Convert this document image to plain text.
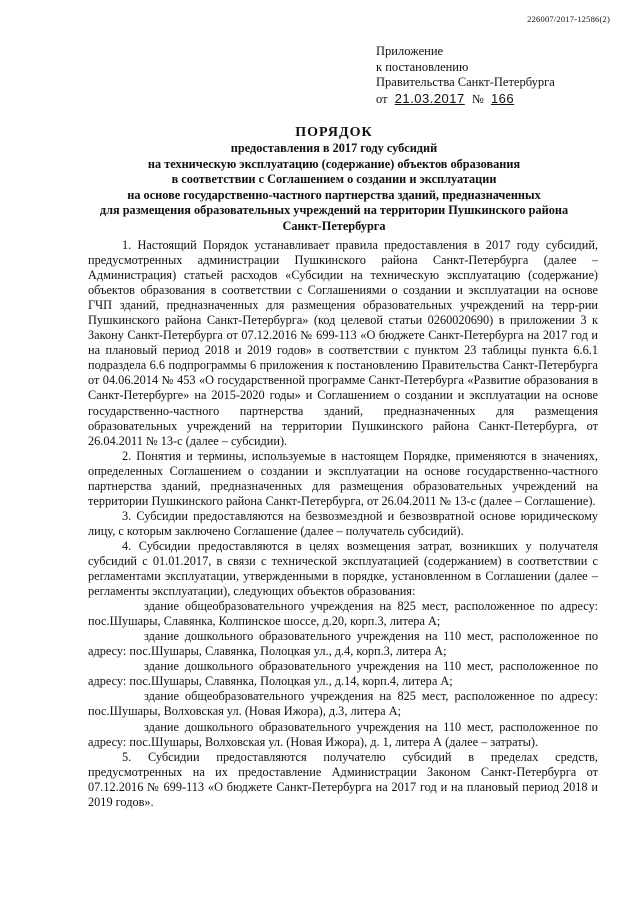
226007/2017-12586(2)
Приложение
к постановлению
Правительства Санкт-Петербурга
от 21.03.2017 № 166
ПОРЯДОК
предоставления в 2017 году субсидий
на техническую эксплуатацию (содержание) объектов образования
в соответствии с Соглашением о создании и эксплуатации
на основе государственно-частного партнерства зданий, предназначенных
для размещения образовательных учреждений на территории Пушкинского района
Санкт-Петербурга

1. Настоящий Порядок устанавливает правила предоставления в 2017 году субсидий, предусмотренных администрации Пушкинского района Санкт-Петербурга (далее – Администрация) статьей расходов «Субсидии на техническую эксплуатацию (содержание) объектов образования в соответствии с Соглашениями о создании и эксплуатации на основе ГЧП зданий, предназначенных для размещения образовательных учреждений на терр-рии Пушкинского района Санкт-Петербурга» (код целевой статьи 0260020690) в приложении 3 к Закону Санкт-Петербурга от 07.12.2016 № 699-113 «О бюджете Санкт-Петербурга на 2017 год и на плановый период 2018 и 2019 годов» в соответствии с пунктом 23 таблицы пункта 6.6.1 подраздела 6.6 подпрограммы 6 приложения к постановлению Правительства Санкт-Петербурга от 04.06.2014 № 453 «О государственной программе Санкт-Петербурга «Развитие образования в Санкт-Петербурге» на 2015-2020 годы» и Соглашением о создании и эксплуатации на основе государственно-частного партнерства зданий, предназначенных для размещения образовательных учреждений на территории Пушкинского района Санкт-Петербурга, от 26.04.2011 № 13-с (далее – субсидии).

2. Понятия и термины, используемые в настоящем Порядке, применяются в значениях, определенных Соглашением о создании и эксплуатации на основе государственно-частного партнерства зданий, предназначенных для размещения образовательных учреждений на территории Пушкинского района Санкт-Петербурга, от 26.04.2011 № 13-с (далее – Соглашение).

3. Субсидии предоставляются на безвозмездной и безвозвратной основе юридическому лицу, с которым заключено Соглашение (далее – получатель субсидий).

4. Субсидии предоставляются в целях возмещения затрат, возникших у получателя субсидий с 01.01.2017, в связи с технической эксплуатацией (содержанием) в соответствии с регламентами эксплуатации, утвержденными в порядке, установленном в Соглашении (далее – регламенты эксплуатации), следующих объектов образования:

здание общеобразовательного учреждения на 825 мест, расположенное по адресу: пос.Шушары, Славянка, Колпинское шоссе, д.20, корп.3, литера А;

здание дошкольного образовательного учреждения на 110 мест, расположенное по адресу: пос.Шушары, Славянка, Полоцкая ул., д.4, корп.3, литера А;

здание дошкольного образовательного учреждения на 110 мест, расположенное по адресу: пос.Шушары, Славянка, Полоцкая ул., д.14, корп.4, литера А;

здание общеобразовательного учреждения на 825 мест, расположенное по адресу: пос.Шушары, Волховская ул. (Новая Ижора), д.3, литера А;

здание дошкольного образовательного учреждения на 110 мест, расположенное по адресу: пос.Шушары, Волховская ул. (Новая Ижора), д. 1, литера А (далее – затраты).

5. Субсидии предоставляются получателю субсидий в пределах средств, предусмотренных на их предоставление Администрации Законом Санкт-Петербурга от 07.12.2016 № 699-113 «О бюджете Санкт-Петербурга на 2017 год и на плановый период 2018 и 2019 годов».
